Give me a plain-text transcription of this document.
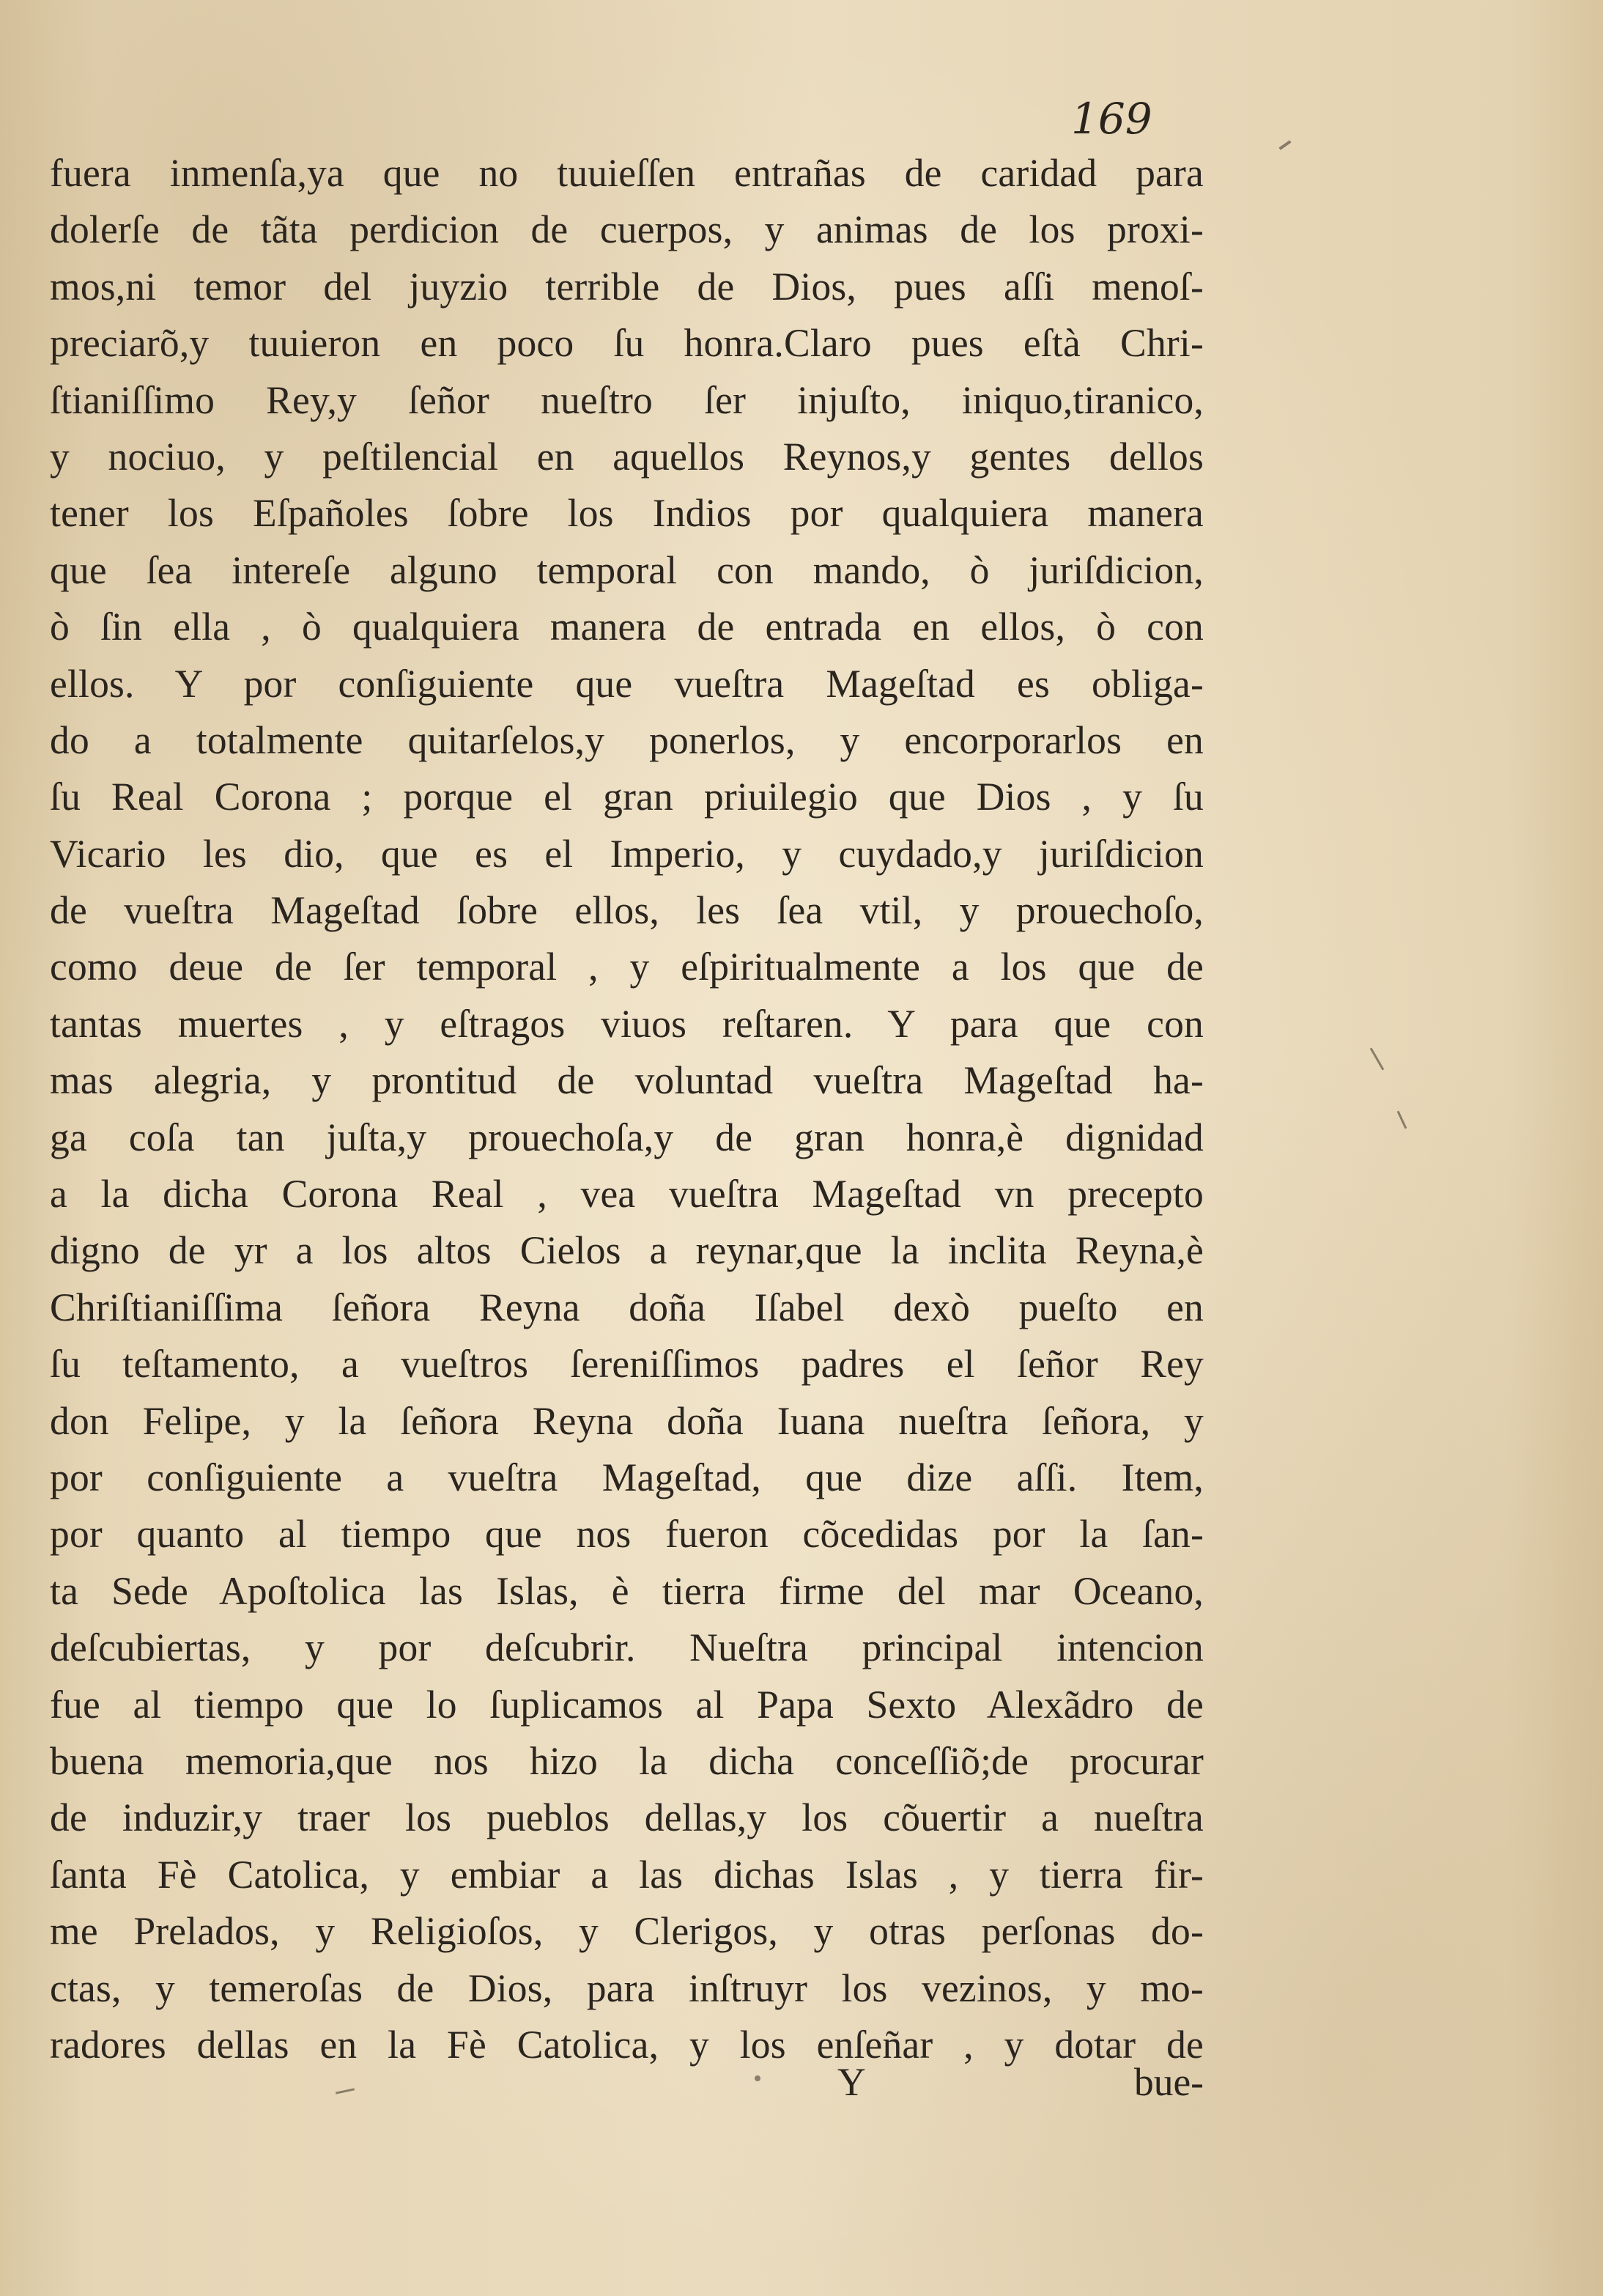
169
fuera inmenſa,ya que no tuuieſſen entrañas de caridad para
dolerſe de tãta perdicion de cuerpos, y animas de los proxi-
mos,ni temor del juyzio terrible de Dios, pues aſſi menoſ-
preciarõ,y tuuieron en poco ſu honra.Claro pues eſtà Chri-
ſtianiſſimo Rey,y ſeñor nueſtro ſer injuſto, iniquo,tiranico,
y nociuo, y peſtilencial en aquellos Reynos,y gentes dellos
tener los Eſpañoles ſobre los Indios por qualquiera manera
que ſea intereſe alguno temporal con mando, ò juriſdicion,
ò ſin ella , ò qualquiera manera de entrada en ellos, ò con
ellos. Y por conſiguiente que vueſtra Mageſtad es obliga-
do a totalmente quitarſelos,y ponerlos, y encorporarlos en
ſu Real Corona ; porque el gran priuilegio que Dios , y ſu
Vicario les dio, que es el Imperio, y cuydado,y juriſdicion
de vueſtra Mageſtad ſobre ellos, les ſea vtil, y prouechoſo,
como deue de ſer temporal , y eſpiritualmente a los que de
tantas muertes , y eſtragos viuos reſtaren. Y para que con
mas alegria, y prontitud de voluntad vueſtra Mageſtad ha-
ga coſa tan juſta,y prouechoſa,y de gran honra,è dignidad
a la dicha Corona Real , vea vueſtra Mageſtad vn precepto
digno de yr a los altos Cielos a reynar,que la inclita Reyna,è
Chriſtianiſſima ſeñora Reyna doña Iſabel dexò pueſto en
ſu teſtamento, a vueſtros ſereniſſimos padres el ſeñor Rey
don Felipe, y la ſeñora Reyna doña Iuana nueſtra ſeñora, y
por conſiguiente a vueſtra Mageſtad, que dize aſſi. Item,
por quanto al tiempo que nos fueron cõcedidas por la ſan-
ta Sede Apoſtolica las Islas, è tierra firme del mar Oceano,
deſcubiertas, y por deſcubrir. Nueſtra principal intencion
fue al tiempo que lo ſuplicamos al Papa Sexto Alexãdro de
buena memoria,que nos hizo la dicha conceſſiõ;de procurar
de induzir,y traer los pueblos dellas,y los cõuertir a nueſtra
ſanta Fè Catolica, y embiar a las dichas Islas , y tierra fir-
me Prelados, y Religioſos, y Clerigos, y otras perſonas do-
ctas, y temeroſas de Dios, para inſtruyr los vezinos, y mo-
radores dellas en la Fè Catolica, y los enſeñar , y dotar de
Y	bue-
